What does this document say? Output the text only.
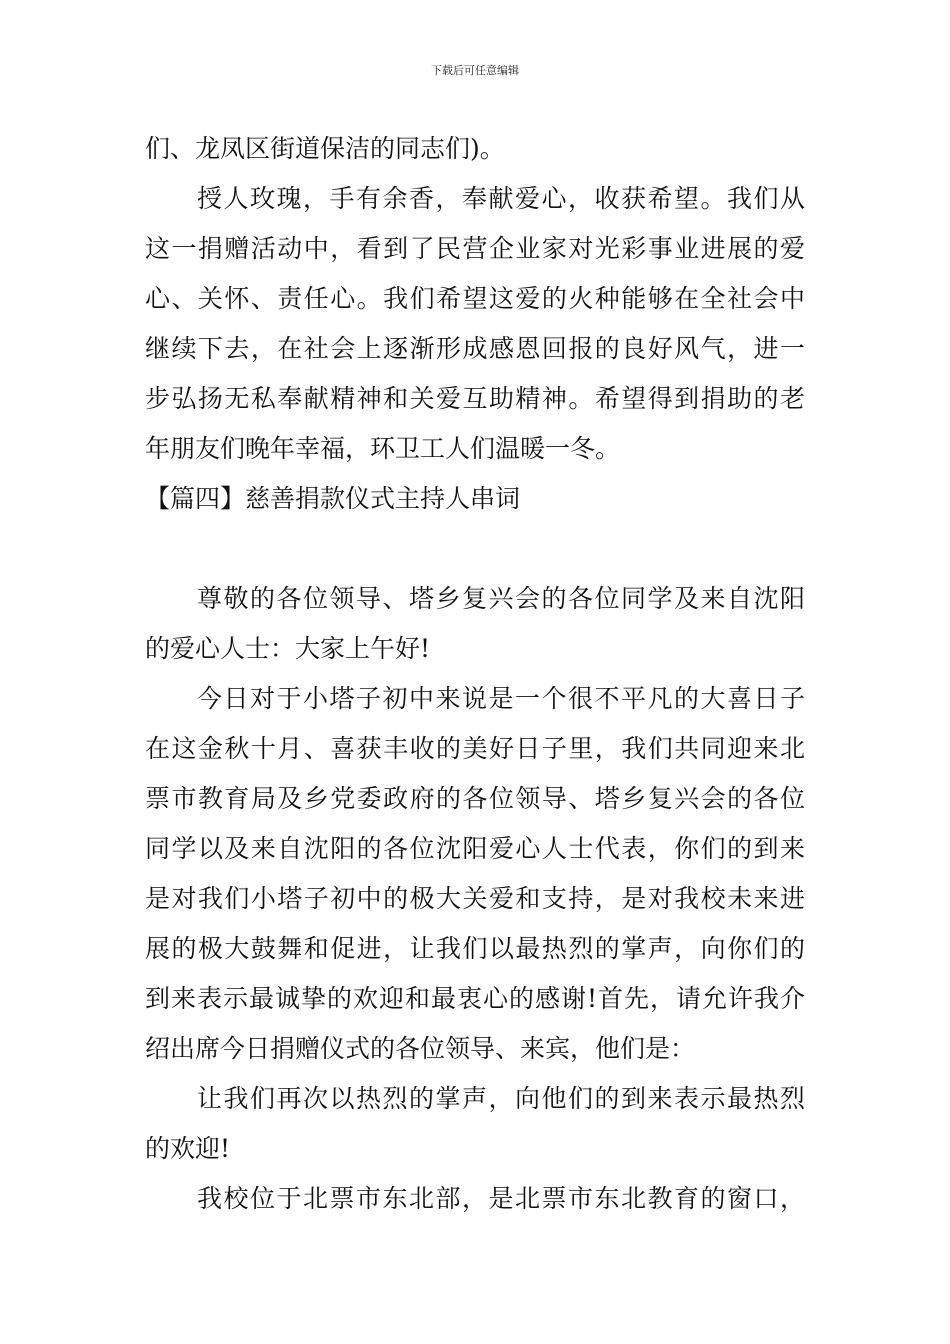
下载后可任意编辑
们、龙凤区街道保洁的同志们)。
授人玫瑰，手有余香，奉献爱心，收获希望。我们从
这一捐赠活动中，看到了民营企业家对光彩事业进展的爱
心、关怀、责任心。我们希望这爱的火种能够在全社会中
继续下去，在社会上逐渐形成感恩回报的良好风气，进一
步弘扬无私奉献精神和关爱互助精神。希望得到捐助的老
年朋友们晚年幸福，环卫工人们温暖一冬。
【篇四】慈善捐款仪式主持人串词
尊敬的各位领导、塔乡复兴会的各位同学及来自沈阳
的爱心人士：大家上午好!
今日对于小塔子初中来说是一个很不平凡的大喜日子
在这金秋十月、喜获丰收的美好日子里，我们共同迎来北
票市教育局及乡党委政府的各位领导、塔乡复兴会的各位
同学以及来自沈阳的各位沈阳爱心人士代表，你们的到来
是对我们小塔子初中的极大关爱和支持，是对我校未来进
展的极大鼓舞和促进，让我们以最热烈的掌声，向你们的
到来表示最诚挚的欢迎和最衷心的感谢!首先，请允许我介
绍出席今日捐赠仪式的各位领导、来宾，他们是：
让我们再次以热烈的掌声，向他们的到来表示最热烈
的欢迎!
我校位于北票市东北部，是北票市东北教育的窗口，
